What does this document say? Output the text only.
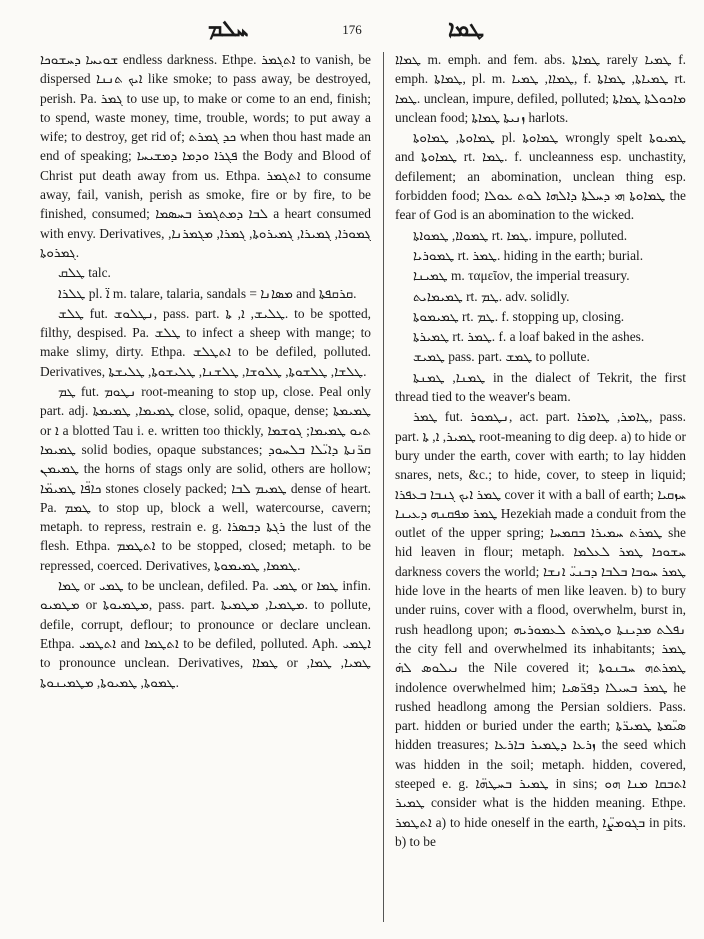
ܚܠܡ	176	ܛܡܐ

ܫܘܝܚܐ ܕܚܫܘܟܐ endless darkness. Ethpe. ܐܬܓܡܪ to vanish, be dispersed ܐܝܟ ܬܢܢܐ like smoke; to pass away, be destroyed, perish. Pa. ܓܡܪ to use up, to make or come to an end, finish; to spend, waste money, time, trouble, words; to put away a wife; to destroy, get rid of; ܟܕ ܓܡܪܬ when thou hast made an end of speaking; ܦܓܪܐ ܘܕܡܐ ܕܡܫܝܚܐ the Body and Blood of Christ put death away from us. Ethpa. ܐܬܓܡܪ to consume away, fail, vanish, perish as smoke, fire or by fire, to be finished, consumed; ܠܒܐ ܕܡܬܓܡܪ ܒܚܣܡܐ a heart consumed with envy. Derivatives, ܓܡܘܪܐ, ܓܡܝܪܐ, ܓܡܝܪܘܬܐ, ܓܡܪܐ, ܡܓܡܪܢܐ, ܓܡܪܘܬܐ.

ܛܠܩ talc.

ܛܠܪܐ pl. ܐ̈ m. talare, talaria, sandals = ܡܣܐܢܐ and ܩܪܩܦܬܐ.

ܛܠܫ fut. ܢܛܠܘܫ, pass. part. ܛܠܝܫ, ܐ, ܬܐ. to be spotted, filthy, despised. Pa. ܛܠܫ to infect a sheep with mange; to make slimy, dirty. Ethpa. ܐܬܛܠܫ to be defiled, polluted. Derivatives, ܛܠܫܐ, ܛܠܫܘܬܐ, ܛܠܘܫܐ, ܛܠܫܢܐ, ܛܠܝܫܘܬܐ, ܛܠܝܫܬܐ.

ܛܡ fut. ܢܛܘܡ root-meaning to stop up, close. Peal only part. adj. ܛܡܝܡܐ, ܛܡܝܡܬܐ close, solid, opaque, dense; ܛܡܝܡܬܐ or ܐ a blotted Tau i. e. written too thickly, ܬܝܘ ܛܡܝܡܐ; ܓܘܫܡܐ ܛܡܝܡܐ solid bodies, opaque substances; ܩܪ̈ܢܬܐ ܕܐܝ̈ܠܐ ܒܠܚܘܕ ܛܡܝܡܢ the horns of stags only are solid, others are hollow; ܟܐܦ̈ܐ ܛܡܝܡ̈ܐ stones closely packed; ܛܡܝܡ ܠܒܐ dense of heart. Pa. ܛܡܡ to stop up, block a well, watercourse, cavern; metaph. to repress, restrain e. g. ܪܓܬܐ ܕܒܣܪܐ the lust of the flesh. Ethpa. ܐܬܛܡܡ to be stopped, closed; metaph. to be repressed, coerced. Derivatives, ܛܡܡܐ, ܛܡܝܡܘܬܐ.

ܛܡܐ or ܛܡܝ to be unclean, defiled. Pa. ܛܡܝ or ܛܡܐ infin. ܡܛܡܝܘ or ܡܛܡܝܘܬܐ, pass. part. ܡܛܡܝܐ, ܡܛܡܝܬܐ. to pollute, defile, corrupt, deflour; to pronounce or declare unclean. Ethpa. ܐܬܛܡܝ and ܐܬܛܡܐ to be defiled, polluted. Aph. ܐܛܡܝ to pronounce unclean. Derivatives, ܛܡܐܐ or ܛܡܝܐ, ܛܡܐ, ܛܡܘܬܐ, ܛܡܝܘܬܐ, ܡܛܡܝܢܘܬܐ.

ܛܡܐܐ m. emph. and fem. abs. ܛܡܐܬܐ rarely ܛܡܝܐ f. emph. ܛܡܐܬܐ, pl. m. ܛܡܐܐ, ܛܡܝܐ, f. ܛܡܝܐܬܐ, ܛܡܐܬܐ rt. ܛܡܐ. unclean, impure, defiled, polluted; ܡܐܟܘܠܬܐ ܛܡܐܬܐ unclean food; ܙܢܝܬܐ ܛܡܐܬܐ harlots.

ܛܡܐܘܬܐ, ܛܡܐܘܬܐ pl. ܛܡܐܘܬܐ wrongly spelt ܛܡܝܘܬܐ and ܛܡܐܘܬܐ rt. ܛܡܐ. f. uncleanness esp. unchastity, defilement; an abomination, unclean thing esp. forbidden food; ܛܡܐܘܬܐ ܗܝ ܕܚܠܬܐ ܕܐܠܗܐ ܠܘܬ ܥܘܠܐ the fear of God is an abomination to the wicked.

ܛܡܘܐܐ, ܛܡܘܐܬܐ rt. ܛܡܐ. impure, polluted.

ܛܡܘܪܝܐ rt. ܛܡܪ. hiding in the earth; burial.

ܛܡܝܢܐ m. ταμεῖον, the imperial treasury.

ܛܡܝܡܐܝܬ rt. ܛܡ. adv. solidly.

ܛܡܝܡܘܬܐ rt. ܛܡ. f. stopping up, closing.

ܛܡܝܪܬܐ rt. ܛܡܪ. f. a loaf baked in the ashes.

ܛܡܝܫ pass. part. ܛܡܫ to pollute.

ܛܡܢܐ, ܛܡܢܬܐ in the dialect of Tekrit, the first thread tied to the weaver's beam.

ܛܡܪ fut. ܢܛܡܘܪ, act. part. ܛܐܡܪ, ܛܐܡܪܐ, pass. part. ܛܡܝܪ, ܐ, ܬܐ root-meaning to dig deep. a) to hide or bury under the earth, cover with earth; to lay hidden snares, nets, &c.; to hide, cover, to steep in liquid; ܛܡܪ ܐܝܟ ܓܢܒܐ ܒܥܦܪܐ cover it with a ball of earth; ܚܙܩܝܐ ܛܡܪ ܡܦܩܢܗ ܕܥܝܢܐ Hezekiah made a conduit from the outlet of the upper spring; ܛܡܪܬ ܚܡܝܪܐ ܒܩܡܚܐ she hid leaven in flour; metaph. ܚܫܘܟܐ ܛܡܪ ܠܥܠܡܐ darkness covers the world; ܛܡܪ ܚܘܒܐ ܒܠܒܐ ܕܒܢܝ̈ ܐܢܫܐ hide love in the hearts of men like leaven. b) to bury under ruins, cover with a flood, overwhelm, burst in, rush headlong upon; ܢܦܠܬ ܡܕܝܢܬܐ ܘܛܡܪܬ ܠܥܡܘܪܝܗ the city fell and overwhelmed its inhabitants; ܛܡܪ ܢܝܠܘܣ ܠܗ̇ the Nile covered it; ܛܡܪܬܗ ܚܒܢܘܬܐ indolence overwhelmed him; ܛܡܪ ܒܚܝܠܐ ܕܦܪ̈ܣܝܐ he rushed headlong among the Persian soldiers. Pass. part. hidden or buried under the earth; ܣܝ̈ܡܬܐ ܛܡܝܪ̈ܬܐ hidden treasures; ܙܪܥܐ ܕܛܡܝܪ ܒܐܪܥܐ the seed which was hidden in the soil; metaph. hidden, covered, steeped e. g. ܛܡܝܪ ܒܚܛܗ̈ܐ in sins; ܐܬܒܩܐ ܡܢܐ ܗܘ ܛܡܝܪ consider what is the hidden meaning. Ethpe. ܐܬܛܡܪ a) to hide oneself in the earth, ܒܓܘܡܨ̈ܐ in pits. b) to be
